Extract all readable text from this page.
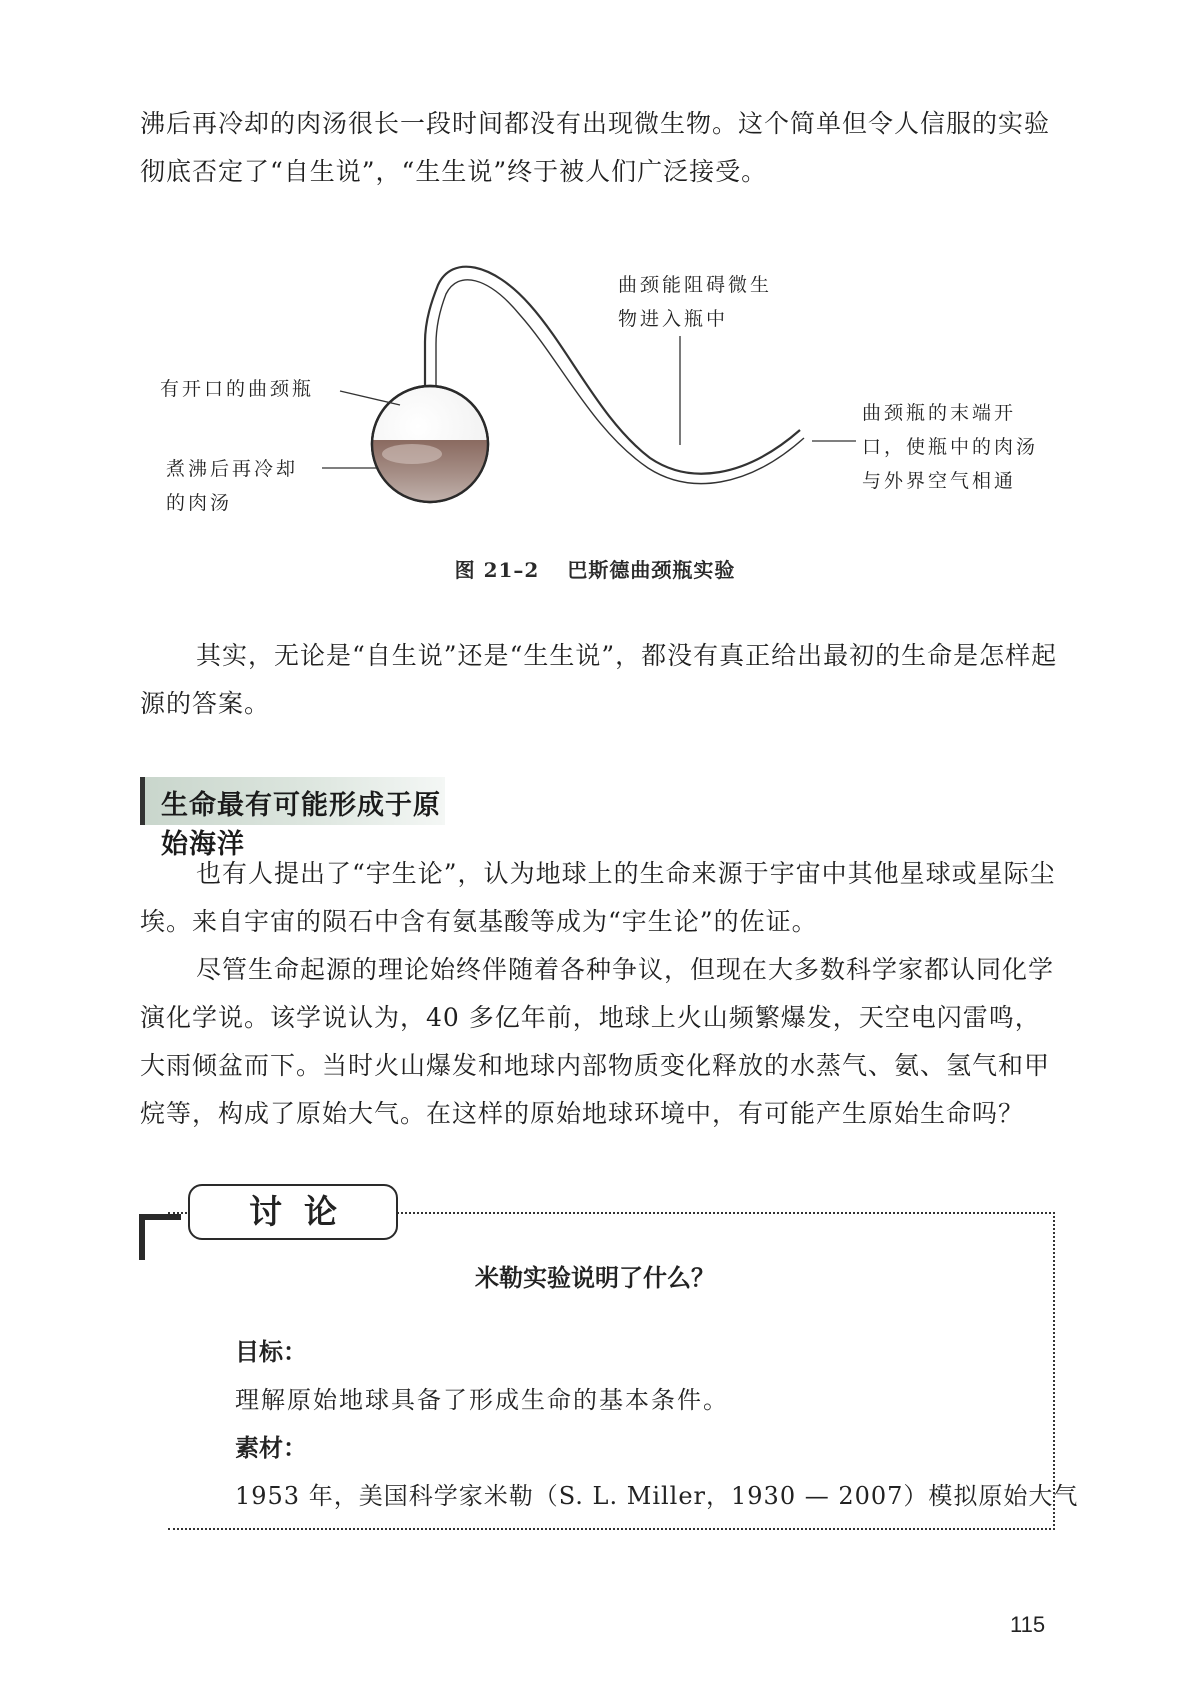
沸后再冷却的肉汤很长一段时间都没有出现微生物。这个简单但令人信服的实验彻底否定了“自生说”，“生生说”终于被人们广泛接受。

有开口的曲颈瓶
煮沸后再冷却
的肉汤
曲颈能阻碍微生
物进入瓶中
曲颈瓶的末端开
口，使瓶中的肉汤
与外界空气相通
图 21–2 巴斯德曲颈瓶实验

其实，无论是“自生说”还是“生生说”，都没有真正给出最初的生命是怎样起源的答案。

生命最有可能形成于原始海洋

也有人提出了“宇生论”，认为地球上的生命来源于宇宙中其他星球或星际尘埃。来自宇宙的陨石中含有氨基酸等成为“宇生论”的佐证。

尽管生命起源的理论始终伴随着各种争议，但现在大多数科学家都认同化学演化学说。该学说认为，40 多亿年前，地球上火山频繁爆发，天空电闪雷鸣，大雨倾盆而下。当时火山爆发和地球内部物质变化释放的水蒸气、氨、氢气和甲烷等，构成了原始大气。在这样的原始地球环境中，有可能产生原始生命吗？

讨论
米勒实验说明了什么？
目标：
理解原始地球具备了形成生命的基本条件。
素材：
1953 年，美国科学家米勒（S. L. Miller，1930 — 2007）模拟原始大气
115
